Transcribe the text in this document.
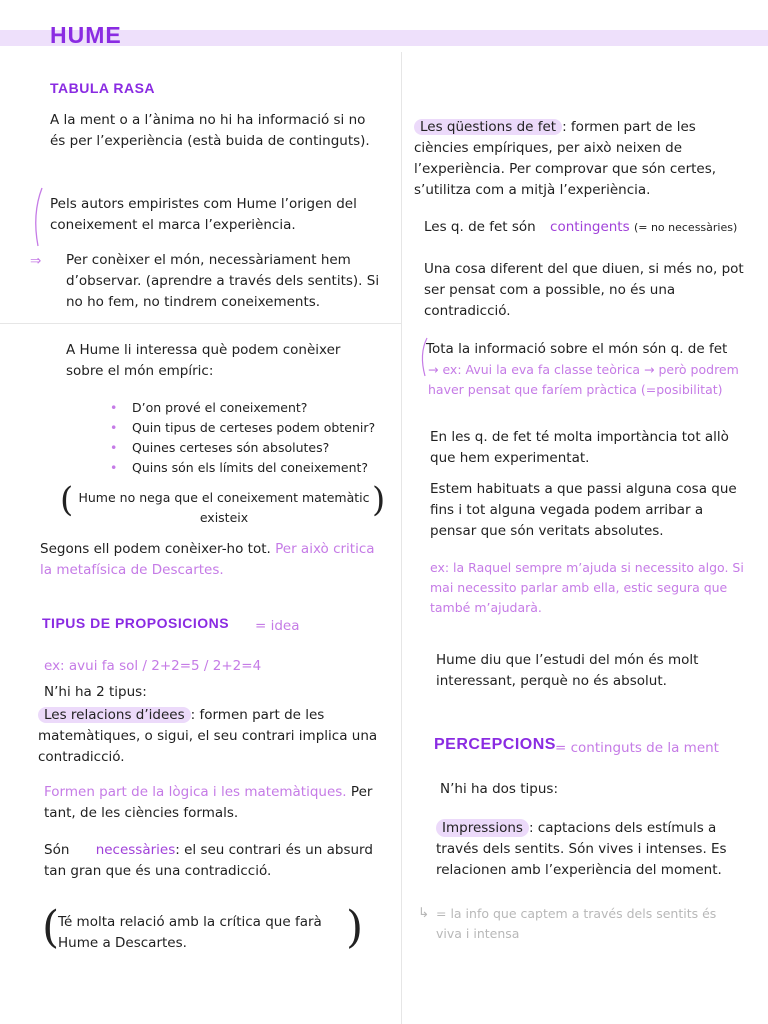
HUME
TABULA RASA
A la ment o a l’ànima no hi ha informació si no és per l’experiència (està buida de continguts).
Pels autors empiristes com Hume l’origen del coneixement el marca l’experiència.
⇒ Per conèixer el món, necessàriament hem d’observar. (aprendre a través dels sentits). Si no ho fem, no tindrem coneixements.
A Hume li interessa què podem conèixer sobre el món empíric:
• D’on prové el coneixement?
• Quin tipus de certeses podem obtenir?
• Quines certeses són absolutes?
• Quins són els límits del coneixement?
( Hume no nega que el coneixement matemàtic existeix	)
Segons ell podem conèixer-ho tot. Per això critica la metafísica de Descartes.
TIPUS DE PROPOSICIONS = idea
ex: avui fa sol / 2+2=5 / 2+2=4
N’hi ha 2 tipus:
Les relacions d’idees : formen part de les matemàtiques, o sigui, el seu contrari implica una contradicció.
Formen part de la lògica i les matemàtiques. Per tant, de les ciències formals.
Són necessàries: el seu contrari és un absurd tan gran que és una contradicció.
(
Té molta relació amb la crítica que farà Hume a Descartes.	)
Les qüestions de fet : formen part de les ciències empíriques, per això neixen de l’experiència. Per comprovar que són certes, s’utilitza com a mitjà l’experiència.
Les q. de fet són contingents (= no necessàries)
Una cosa diferent del que diuen, si més no, pot ser pensat com a possible, no és una contradicció.
Tota la informació sobre el món són q. de fet
→ ex: Avui la eva fa classe teòrica → però podrem haver pensat que faríem pràctica (=posibilitat)
En les q. de fet té molta importància tot allò que hem experimentat.
Estem habituats a que passi alguna cosa que fins i tot alguna vegada podem arribar a pensar que són veritats absolutes.
ex: la Raquel sempre m’ajuda si necessito algo. Si mai necessito parlar amb ella, estic segura que també m’ajudarà.
Hume diu que l’estudi del món és molt interessant, perquè no és absolut.
PERCEPCIONS = continguts de la ment
N’hi ha dos tipus:
Impressions : captacions dels estímuls a través dels sentits. Són vives i intenses. Es relacionen amb l’experiència del moment.
↳ = la info que captem a través dels sentits és viva i intensa
